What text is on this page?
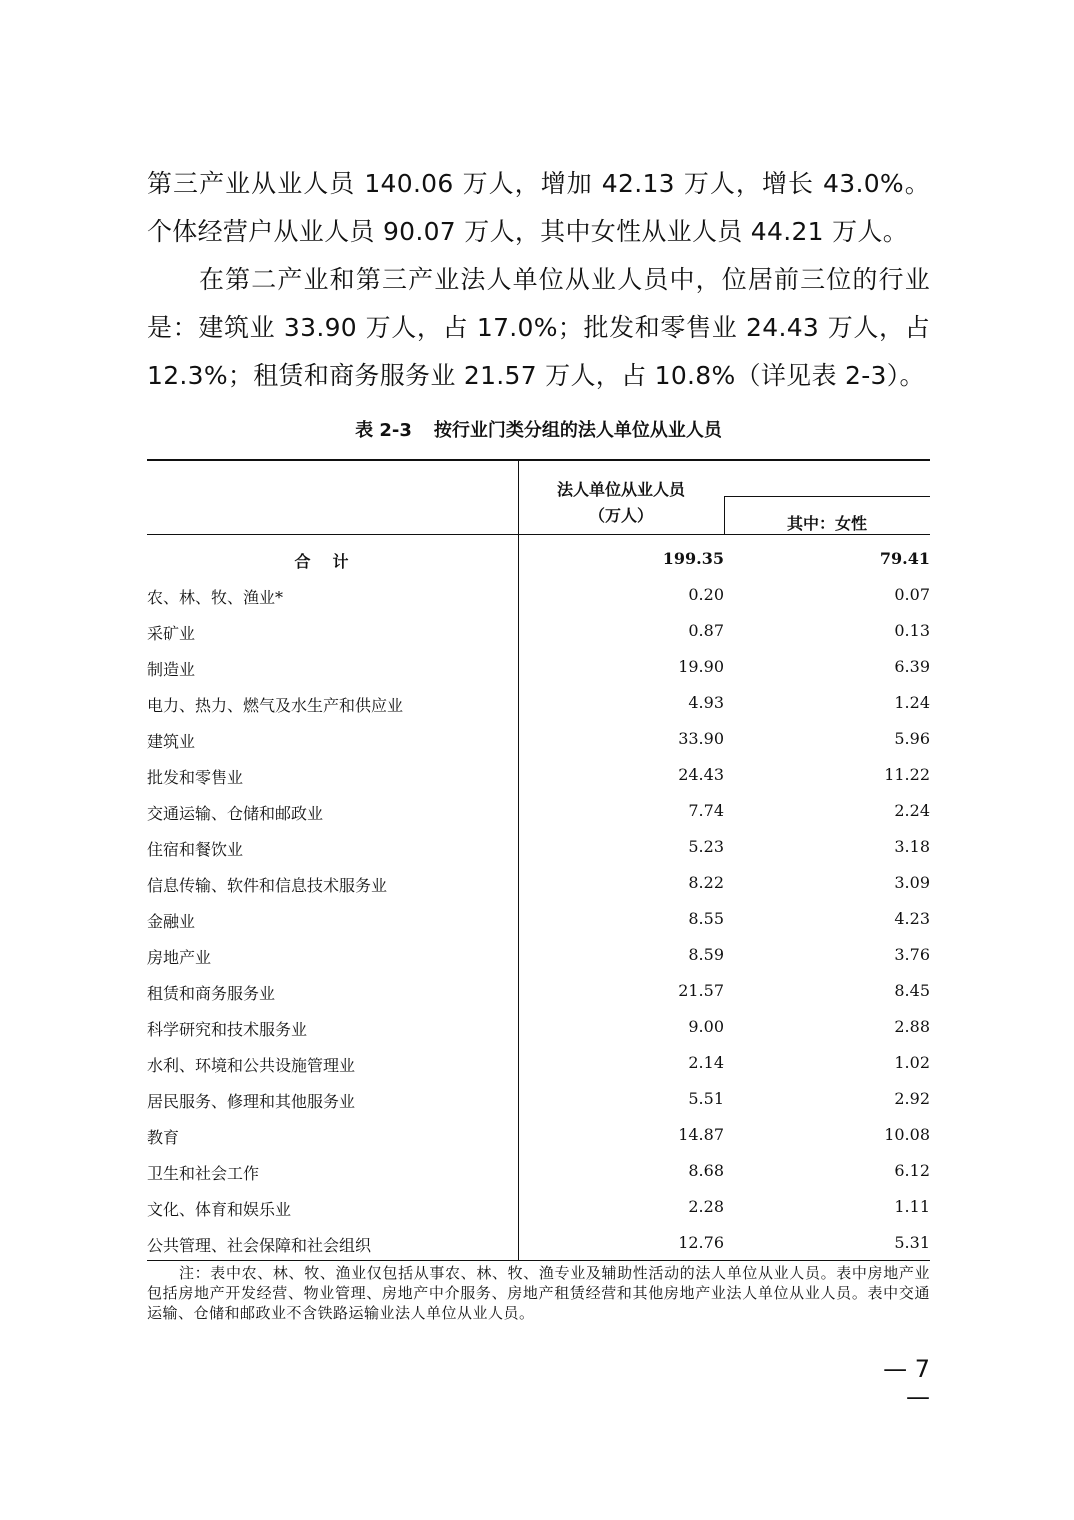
第三产业从业人员 140.06 万人，增加 42.13 万人，增长 43.0%。个体经营户从业人员 90.07 万人，其中女性从业人员 44.21 万人。

在第二产业和第三产业法人单位从业人员中，位居前三位的行业是：建筑业 33.90 万人，占 17.0%；批发和零售业 24.43 万人，占 12.3%；租赁和商务服务业 21.57 万人，占 10.8%（详见表 2-3）。

表 2-3 按行业门类分组的法人单位从业人员
法人单位从业人员
（万人）	其中：女性
合计	199.35	79.41
农、林、牧、渔业*	0.20	0.07
采矿业	0.87	0.13
制造业	19.90	6.39
电力、热力、燃气及水生产和供应业	4.93	1.24
建筑业	33.90	5.96
批发和零售业	24.43	11.22
交通运输、仓储和邮政业	7.74	2.24
住宿和餐饮业	5.23	3.18
信息传输、软件和信息技术服务业	8.22	3.09
金融业	8.55	4.23
房地产业	8.59	3.76
租赁和商务服务业	21.57	8.45
科学研究和技术服务业	9.00	2.88
水利、环境和公共设施管理业	2.14	1.02
居民服务、修理和其他服务业	5.51	2.92
教育	14.87	10.08
卫生和社会工作	8.68	6.12
文化、体育和娱乐业	2.28	1.11
公共管理、社会保障和社会组织	12.76	5.31

注：表中农、林、牧、渔业仅包括从事农、林、牧、渔专业及辅助性活动的法人单位从业人员。表中房地产业包括房地产开发经营、物业管理、房地产中介服务、房地产租赁经营和其他房地产业法人单位从业人员。表中交通运输、仓储和邮政业不含铁路运输业法人单位从业人员。

— 7 —
